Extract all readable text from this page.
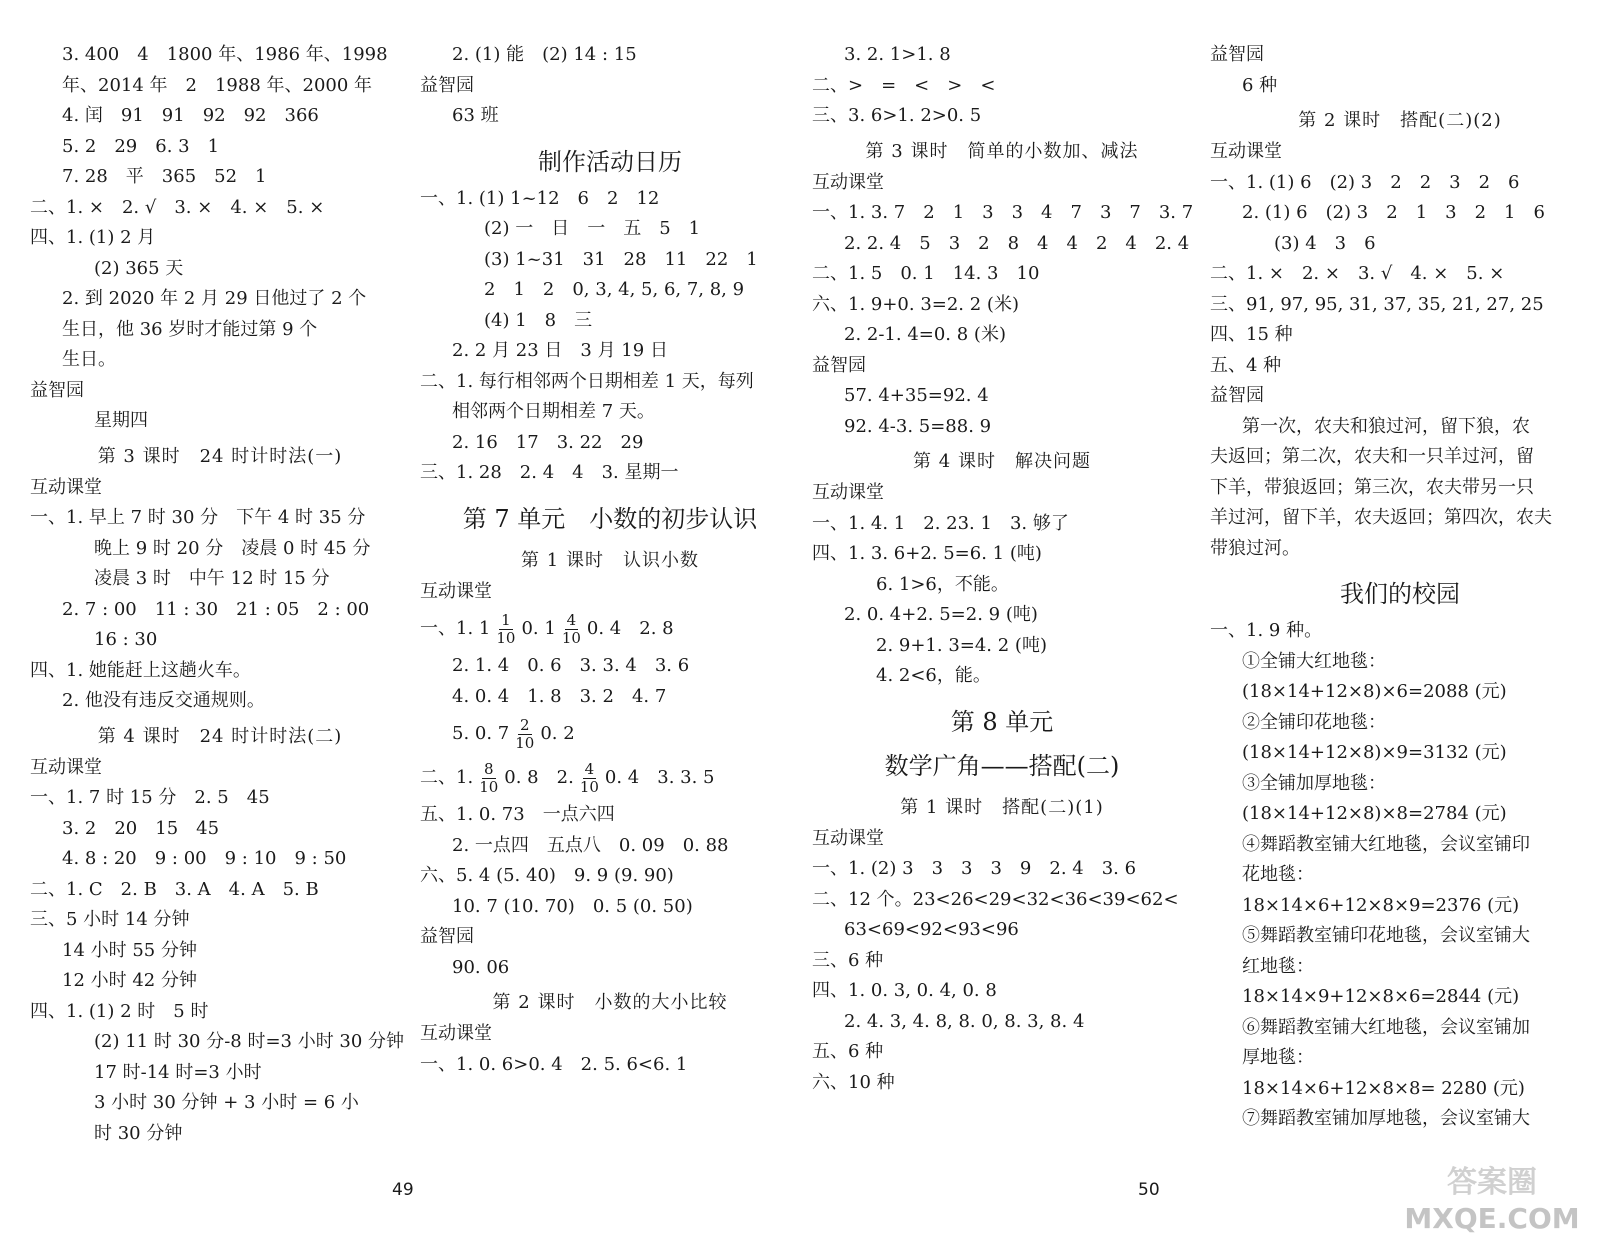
3. 400　4　1800 年、1986 年、1998
年、2014 年　2　1988 年、2000 年
4. 闰　91　91　92　92　366
5. 2　29　6. 3　1
7. 28　平　365　52　1
二、1. ×　2. √　3. ×　4. ×　5. ×
四、1. (1) 2 月
(2) 365 天
2. 到 2020 年 2 月 29 日他过了 2 个
生日，他 36 岁时才能过第 9 个
生日。
益智园
星期四
第 3 课时　24 时计时法(一)
互动课堂
一、1. 早上 7 时 30 分　下午 4 时 35 分
晚上 9 时 20 分　凌晨 0 时 45 分
凌晨 3 时　中午 12 时 15 分
2. 7 : 00　11 : 30　21 : 05　2 : 00
16 : 30
四、1. 她能赶上这趟火车。
2. 他没有违反交通规则。
第 4 课时　24 时计时法(二)
互动课堂
一、1. 7 时 15 分　2. 5　45
3. 2　20　15　45
4. 8 : 20　9 : 00　9 : 10　9 : 50
二、1. C　2. B　3. A　4. A　5. B
三、5 小时 14 分钟
14 小时 55 分钟
12 小时 42 分钟
四、1. (1) 2 时　5 时
(2) 11 时 30 分-8 时=3 小时 30 分钟
17 时-14 时=3 小时
3 小时 30 分钟 + 3 小时 = 6 小
时 30 分钟
2. (1) 能　(2) 14 : 15
益智园
63 班
制作活动日历
一、1. (1) 1~12　6　2　12
(2) 一　日　一　五　5　1
(3) 1~31　31　28　11　22　1
2　1　2　0, 3, 4, 5, 6, 7, 8, 9
(4) 1　8　三
2. 2 月 23 日　3 月 19 日
二、1. 每行相邻两个日期相差 1 天，每列
相邻两个日期相差 7 天。
2. 16　17　3. 22　29
三、1. 28　2. 4　4　3. 星期一
第 7 单元　小数的初步认识
第 1 课时　认识小数
互动课堂
一、1. $1 \frac{1}{10} 0$. $1 \frac{4}{10} 0$. 4　2. 8
2. 1. 4　0. 6　3. 3. 4　3. 6
4. 0. 4　1. 8　3. 2　4. 7
5. 0. $7 \frac{2}{10} 0$. 2
二、1. $\frac{8}{10} 0$. 8　2. $\frac{4}{10} 0$. 4　3. 3. 5
五、1. 0. 73　一点六四
2. 一点四　五点八　0. 09　0. 88
六、5. 4 (5. 40)　9. 9 (9. 90)
10. 7 (10. 70)　0. 5 (0. 50)
益智园
90. 06
第 2 课时　小数的大小比较
互动课堂
一、1. 0. 6>0. 4　2. 5. 6<6. 1
3. 2. 1>1. 8
二、>　=　<　>　<
三、3. 6>1. 2>0. 5
第 3 课时　简单的小数加、减法
互动课堂
一、1. 3. 7　2　1　3　3　4　7　3　7　3. 7
2. 2. 4　5　3　2　8　4　4　2　4　2. 4
二、1. 5　0. 1　14. 3　10
六、1. 9+0. 3=2. 2 (米)
2. 2-1. 4=0. 8 (米)
益智园
57. 4+35=92. 4
92. 4-3. 5=88. 9
第 4 课时　解决问题
互动课堂
一、1. 4. 1　2. 23. 1　3. 够了
四、1. 3. 6+2. 5=6. 1 (吨)
6. 1>6，不能。
2. 0. 4+2. 5=2. 9 (吨)
2. 9+1. 3=4. 2 (吨)
4. 2<6，能。
第 8 单元
数学广角——搭配(二)
第 1 课时　搭配(二)(1)
互动课堂
一、1. (2) 3　3　3　3　9　2. 4　3. 6
二、12 个。23<26<29<32<36<39<62<
63<69<92<93<96
三、6 种
四、1. 0. 3, 0. 4, 0. 8
2. 4. 3, 4. 8, 8. 0, 8. 3, 8. 4
五、6 种
六、10 种
益智园
6 种
第 2 课时　搭配(二)(2)
互动课堂
一、1. (1) 6　(2) 3　2　2　3　2　6
2. (1) 6　(2) 3　2　1　3　2　1　6
(3) 4　3　6
二、1. ×　2. ×　3. √　4. ×　5. ×
三、91, 97, 95, 31, 37, 35, 21, 27, 25
四、15 种
五、4 种
益智园
第一次，农夫和狼过河，留下狼，农
夫返回；第二次，农夫和一只羊过河，留
下羊，带狼返回；第三次，农夫带另一只
羊过河，留下羊，农夫返回；第四次，农夫
带狼过河。
我们的校园
一、1. 9 种。
①全铺大红地毯：
(18×14+12×8)×6=2088 (元)
②全铺印花地毯：
(18×14+12×8)×9=3132 (元)
③全铺加厚地毯：
(18×14+12×8)×8=2784 (元)
④舞蹈教室铺大红地毯，会议室铺印
花地毯：
18×14×6+12×8×9=2376 (元)
⑤舞蹈教室铺印花地毯，会议室铺大
红地毯：
18×14×9+12×8×6=2844 (元)
⑥舞蹈教室铺大红地毯，会议室铺加
厚地毯：
18×14×6+12×8×8= 2280 (元)
⑦舞蹈教室铺加厚地毯，会议室铺大
49	50	答案圈
MXQE.COM
